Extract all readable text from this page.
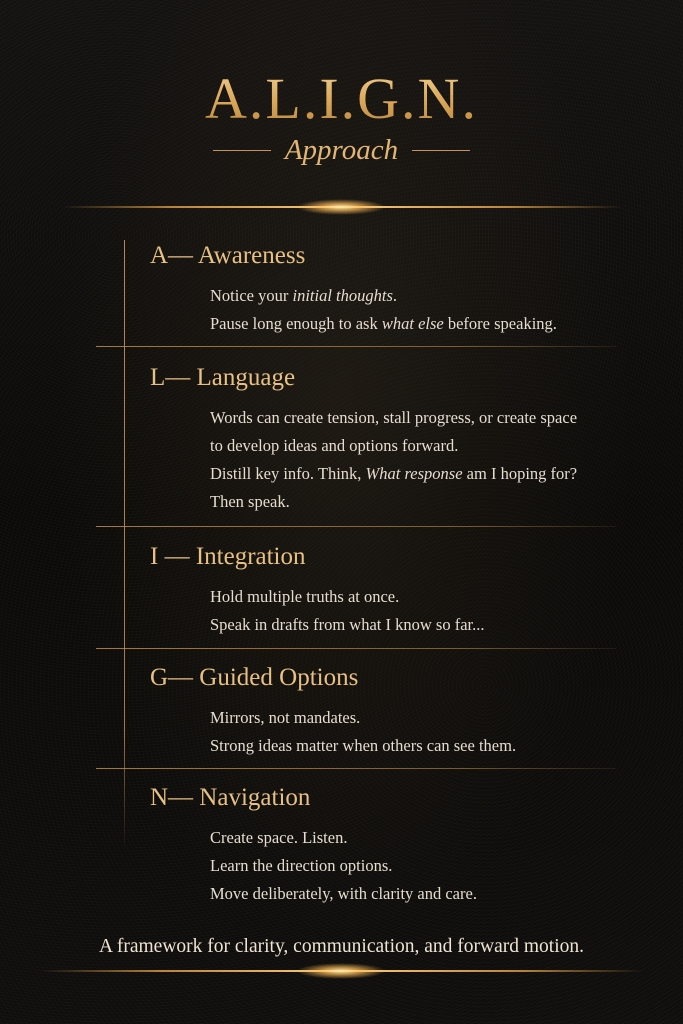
A.L.I.G.N.
Approach
A— Awareness
Notice your initial thoughts.
Pause long enough to ask what else before speaking.
L— Language
Words can create tension, stall progress, or create space
to develop ideas and options forward.
Distill key info. Think, What response am I hoping for?
Then speak.
I — Integration
Hold multiple truths at once.
Speak in drafts from what I know so far...
G— Guided Options
Mirrors, not mandates.
Strong ideas matter when others can see them.
N— Navigation
Create space. Listen.
Learn the direction options.
Move deliberately, with clarity and care.
A framework for clarity, communication, and forward motion.
